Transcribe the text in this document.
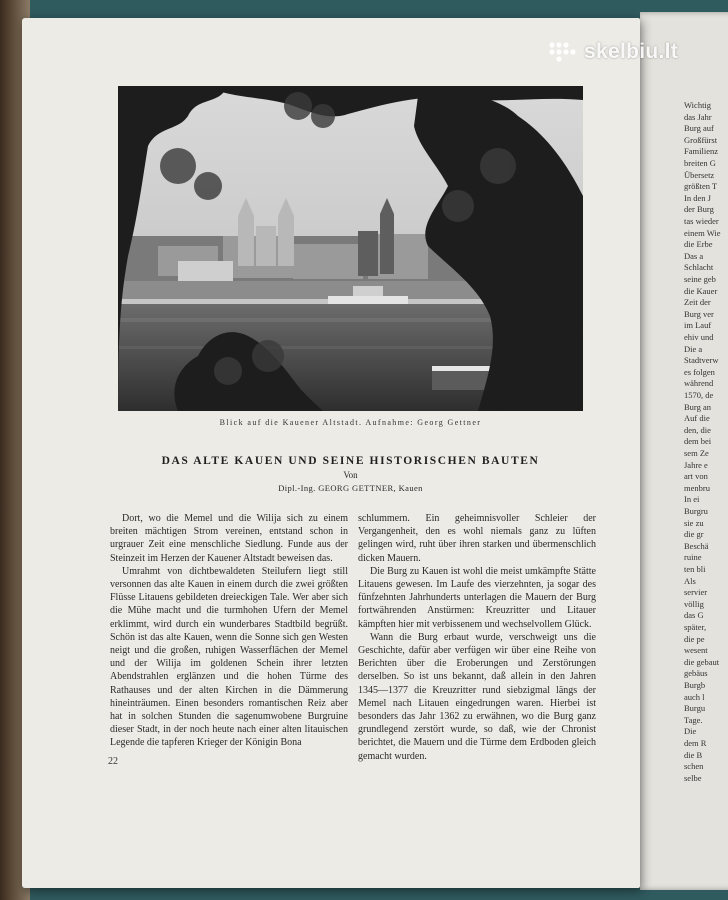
Wichtig
das Jahr
Burg auf
Großfürst
Familienz
breiten G
Übersetz
größten T
In den J
der Burg
tas wieder
einem Wie
die Erbe
Das a
Schlacht
seine geb
die Kauer
Zeit der
Burg ver
im Lauf
ehiv und
Die a
Stadtverw
es folgen
während
1570, de
Burg an
Auf die
den, die
dem bei
sem Ze
Jahre e
art von
menbru
In ei
Burgru
sie zu
die gr
Beschä
ruine
ten bli
Als
servier
völlig
das G
später,
die pe
wesent
die gebaut
gebäus
Burgb
auch l
Burgu
Tage.
Die
dem R
die B
schen
selbe
skelbiu.lt
Blick auf die Kauener Altstadt. Aufnahme: Georg Gettner
DAS ALTE KAUEN UND SEINE HISTORISCHEN BAUTEN
Von
Dipl.-Ing. GEORG GETTNER, Kauen

Dort, wo die Memel und die Wilija sich zu einem breiten mächtigen Strom vereinen, entstand schon in urgrauer Zeit eine menschliche Siedlung. Funde aus der Steinzeit im Herzen der Kauener Altstadt beweisen das.

Umrahmt von dichtbewaldeten Steilufern liegt still versonnen das alte Kauen in einem durch die zwei größten Flüsse Litauens gebildeten dreieckigen Tale. Wer aber sich die Mühe macht und die turmhohen Ufern der Memel erklimmt, wird durch ein wunderbares Stadtbild begrüßt. Schön ist das alte Kauen, wenn die Sonne sich gen Westen neigt und die großen, ruhigen Wasserflächen der Memel und der Wilija im goldenen Schein ihrer letzten Abendstrahlen erglänzen und die hohen Türme des Rathauses und der alten Kirchen in die Dämmerung hineinträumen. Einen besonders romantischen Reiz aber hat in solchen Stunden die sagenumwobene Burgruine dieser Stadt, in der noch heute nach einer alten litauischen Legende die tapferen Krieger der Königin Bona

schlummern. Ein geheimnisvoller Schleier der Vergangenheit, den es wohl niemals ganz zu lüften gelingen wird, ruht über ihren starken und übermenschlich dicken Mauern.

Die Burg zu Kauen ist wohl die meist umkämpfte Stätte Litauens gewesen. Im Laufe des vierzehnten, ja sogar des fünfzehnten Jahrhunderts unterlagen die Mauern der Burg fortwährenden Anstürmen: Kreuzritter und Litauer kämpften hier mit verbissenem und wechselvollem Glück.

Wann die Burg erbaut wurde, verschweigt uns die Geschichte, dafür aber verfügen wir über eine Reihe von Berichten über die Eroberungen und Zerstörungen derselben. So ist uns bekannt, daß allein in den Jahren 1345—1377 die Kreuzritter rund siebzigmal längs der Memel nach Litauen eingedrungen waren. Hierbei ist besonders das Jahr 1362 zu erwähnen, wo die Burg ganz grundlegend zerstört wurde, so daß, wie der Chronist berichtet, die Mauern und die Türme dem Erdboden gleich gemacht wurden.

22
